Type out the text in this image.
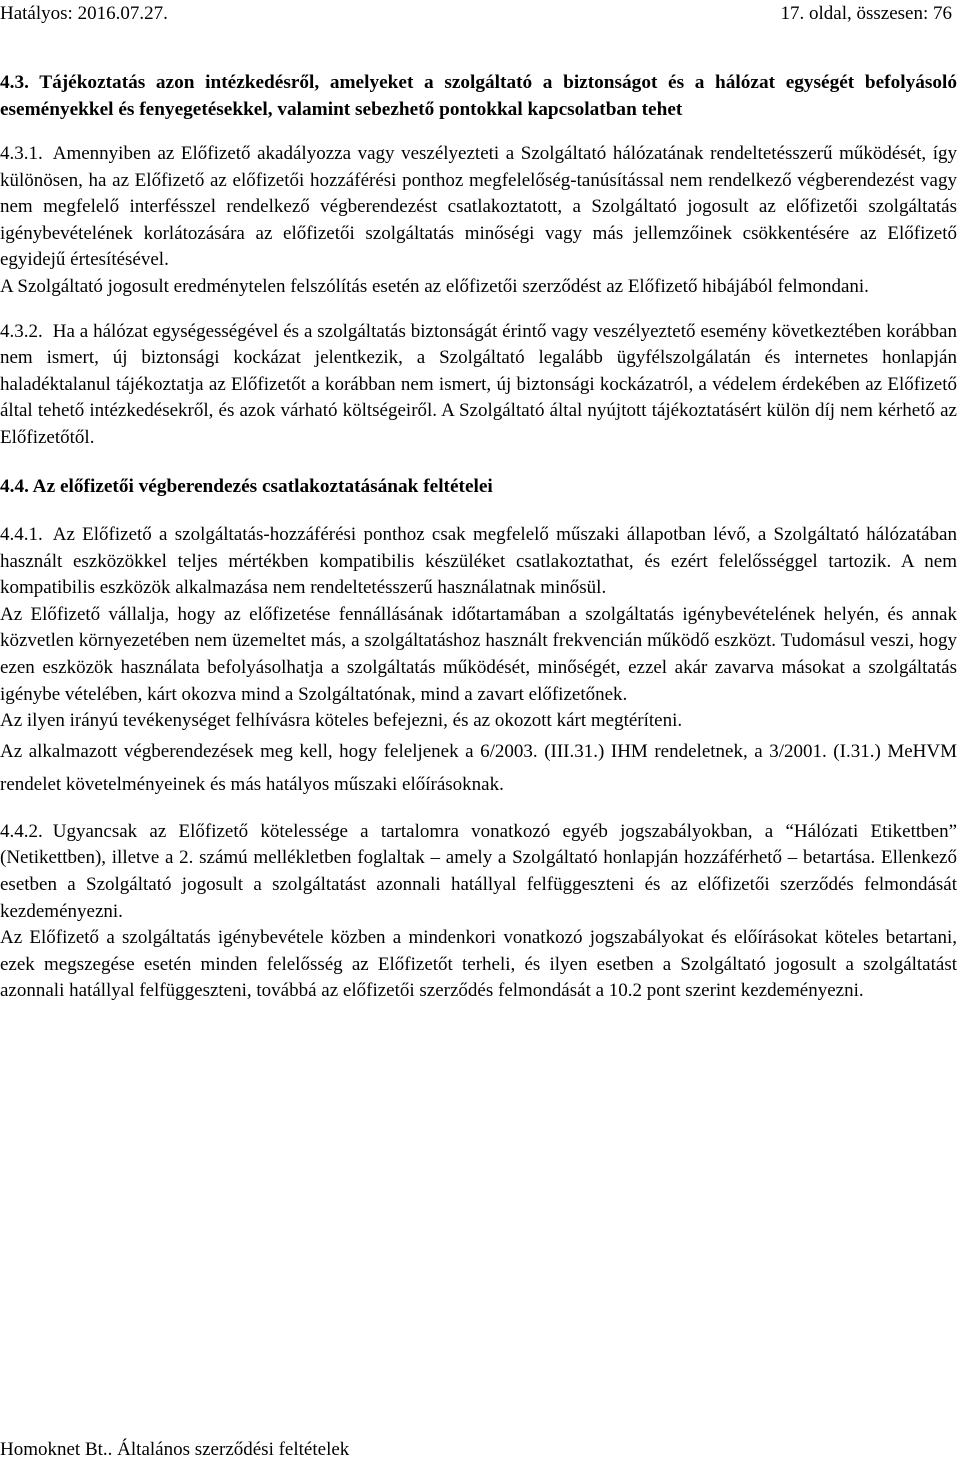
Hatályos: 2016.07.27.	17. oldal, összesen: 76

4.3. Tájékoztatás azon intézkedésről, amelyeket a szolgáltató a biztonságot és a hálózat egységét befolyásoló eseményekkel és fenyegetésekkel, valamint sebezhető pontokkal kapcsolatban tehet

4.3.1. Amennyiben az Előfizető akadályozza vagy veszélyezteti a Szolgáltató hálózatának rendeltetésszerű működését, így különösen, ha az Előfizető az előfizetői hozzáférési ponthoz megfelelőség-tanúsítással nem rendelkező végberendezést vagy nem megfelelő interfésszel rendelkező végberendezést csatlakoztatott, a Szolgáltató jogosult az előfizetői szolgáltatás igénybevételének korlátozására az előfizetői szolgáltatás minőségi vagy más jellemzőinek csökkentésére az Előfizető egyidejű értesítésével.

A Szolgáltató jogosult eredménytelen felszólítás esetén az előfizetői szerződést az Előfizető hibájából felmondani.

4.3.2. Ha a hálózat egységességével és a szolgáltatás biztonságát érintő vagy veszélyeztető esemény következtében korábban nem ismert, új biztonsági kockázat jelentkezik, a Szolgáltató legalább ügyfélszolgálatán és internetes honlapján haladéktalanul tájékoztatja az Előfizetőt a korábban nem ismert, új biztonsági kockázatról, a védelem érdekében az Előfizető által tehető intézkedésekről, és azok várható költségeiről. A Szolgáltató által nyújtott tájékoztatásért külön díj nem kérhető az Előfizetőtől.

4.4. Az előfizetői végberendezés csatlakoztatásának feltételei

4.4.1. Az Előfizető a szolgáltatás-hozzáférési ponthoz csak megfelelő műszaki állapotban lévő, a Szolgáltató hálózatában használt eszközökkel teljes mértékben kompatibilis készüléket csatlakoztathat, és ezért felelősséggel tartozik. A nem kompatibilis eszközök alkalmazása nem rendeltetésszerű használatnak minősül.

Az Előfizető vállalja, hogy az előfizetése fennállásának időtartamában a szolgáltatás igénybevételének helyén, és annak közvetlen környezetében nem üzemeltet más, a szolgáltatáshoz használt frekvencián működő eszközt. Tudomásul veszi, hogy ezen eszközök használata befolyásolhatja a szolgáltatás működését, minőségét, ezzel akár zavarva másokat a szolgáltatás igénybe vételében, kárt okozva mind a Szolgáltatónak, mind a zavart előfizetőnek.

Az ilyen irányú tevékenységet felhívásra köteles befejezni, és az okozott kárt megtéríteni.

Az alkalmazott végberendezések meg kell, hogy feleljenek a 6/2003. (III.31.) IHM rendeletnek, a 3/2001. (I.31.) MeHVM rendelet követelményeinek és más hatályos műszaki előírásoknak.

4.4.2. Ugyancsak az Előfizető kötelessége a tartalomra vonatkozó egyéb jogszabályokban, a “Hálózati Etikettben” (Netikettben), illetve a 2. számú mellékletben foglaltak – amely a Szolgáltató honlapján hozzáférhető – betartása. Ellenkező esetben a Szolgáltató jogosult a szolgáltatást azonnali hatállyal felfüggeszteni és az előfizetői szerződés felmondását kezdeményezni.

Az Előfizető a szolgáltatás igénybevétele közben a mindenkori vonatkozó jogszabályokat és előírásokat köteles betartani, ezek megszegése esetén minden felelősség az Előfizetőt terheli, és ilyen esetben a Szolgáltató jogosult a szolgáltatást azonnali hatállyal felfüggeszteni, továbbá az előfizetői szerződés felmondását a 10.2 pont szerint kezdeményezni.

Homoknet Bt.. Általános szerződési feltételek
